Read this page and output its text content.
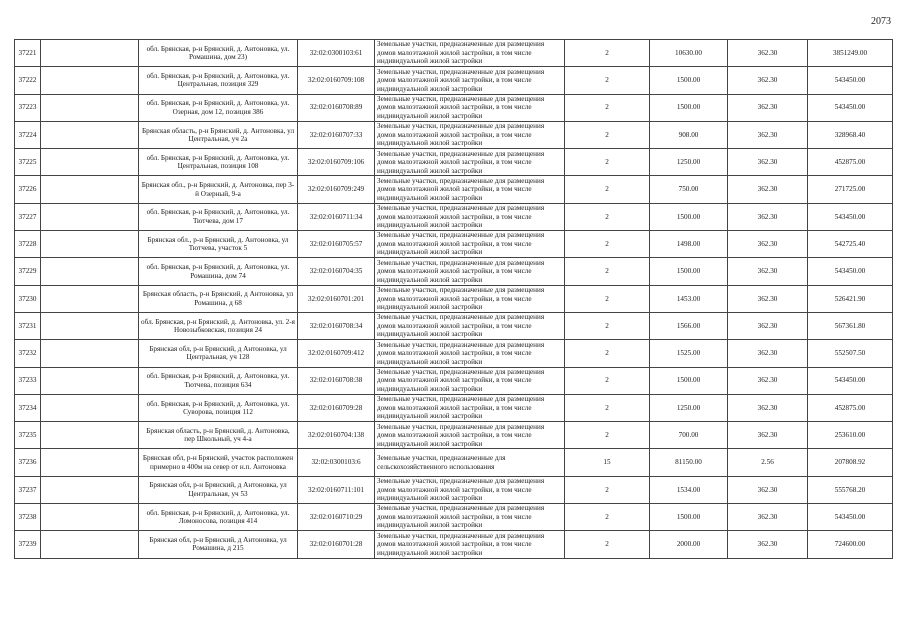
2073
37221		обл. Брянская, р-н Брянский, д. Антоновка, ул. Ромашина, дом 23)	32:02:0300103:61	Земельные участки, предназначенные для размещения домов малоэтажной жилой застройки, в том числе индивидуальной жилой застройки	2	10630.00	362.30	3851249.00
37222		обл. Брянская, р-н Брянский, д. Антоновка, ул. Центральная, позиция 329	32:02:0160709:108	Земельные участки, предназначенные для размещения домов малоэтажной жилой застройки, в том числе индивидуальной жилой застройки	2	1500.00	362.30	543450.00
37223		обл. Брянская, р-н Брянский, д. Антоновка, ул. Озерная, дом 12, позиция 386	32:02:0160708:89	Земельные участки, предназначенные для размещения домов малоэтажной жилой застройки, в том числе индивидуальной жилой застройки	2	1500.00	362.30	543450.00
37224		Брянская область, р-н Брянский, д. Антоновка, ул Центральная, уч 2а	32:02:0160707:33	Земельные участки, предназначенные для размещения домов малоэтажной жилой застройки, в том числе индивидуальной жилой застройки	2	908.00	362.30	328968.40
37225		обл. Брянская, р-н Брянский, д. Антоновка, ул. Центральная, позиция 108	32:02:0160709:106	Земельные участки, предназначенные для размещения домов малоэтажной жилой застройки, в том числе индивидуальной жилой застройки	2	1250.00	362.30	452875.00
37226		Брянская обл., р-н Брянский, д. Антоновка, пер 3-й Озерный, 9-а	32:02:0160709:249	Земельные участки, предназначенные для размещения домов малоэтажной жилой застройки, в том числе индивидуальной жилой застройки	2	750.00	362.30	271725.00
37227		обл. Брянская, р-н Брянский, д. Антоновка, ул. Тютчева, дом 17	32:02:0160711:34	Земельные участки, предназначенные для размещения домов малоэтажной жилой застройки, в том числе индивидуальной жилой застройки	2	1500.00	362.30	543450.00
37228		Брянская обл., р-н Брянский, д. Антоновка, ул Тютчева, участок 5	32:02:0160705:57	Земельные участки, предназначенные для размещения домов малоэтажной жилой застройки, в том числе индивидуальной жилой застройки	2	1498.00	362.30	542725.40
37229		обл. Брянская, р-н Брянский, д. Антоновка, ул. Ромашина, дом 74	32:02:0160704:35	Земельные участки, предназначенные для размещения домов малоэтажной жилой застройки, в том числе индивидуальной жилой застройки	2	1500.00	362.30	543450.00
37230		Брянская область, р-н Брянский, д Антоновка, ул Ромашина, д 68	32:02:0160701:201	Земельные участки, предназначенные для размещения домов малоэтажной жилой застройки, в том числе индивидуальной жилой застройки	2	1453.00	362.30	526421.90
37231		обл. Брянская, р-н Брянский, д. Антоновка, ул. 2-я Новозыбковская, позиция 24	32:02:0160708:34	Земельные участки, предназначенные для размещения домов малоэтажной жилой застройки, в том числе индивидуальной жилой застройки	2	1566.00	362.30	567361.80
37232		Брянская обл, р-н Брянский, д Антоновка, ул Центральная, уч 128	32:02:0160709:412	Земельные участки, предназначенные для размещения домов малоэтажной жилой застройки, в том числе индивидуальной жилой застройки	2	1525.00	362.30	552507.50
37233		обл. Брянская, р-н Брянский, д. Антоновка, ул. Тютчева, позиция 634	32:02:0160708:38	Земельные участки, предназначенные для размещения домов малоэтажной жилой застройки, в том числе индивидуальной жилой застройки	2	1500.00	362.30	543450.00
37234		обл. Брянская, р-н Брянский, д. Антоновка, ул. Суворова, позиция 112	32:02:0160709:28	Земельные участки, предназначенные для размещения домов малоэтажной жилой застройки, в том числе индивидуальной жилой застройки	2	1250.00	362.30	452875.00
37235		Брянская область, р-н Брянский, д. Антоновка, пер Школьный, уч 4-а	32:02:0160704:138	Земельные участки, предназначенные для размещения домов малоэтажной жилой застройки, в том числе индивидуальной жилой застройки	2	700.00	362.30	253610.00
37236		Брянская обл, р-н Брянский, участок расположен примерно в 400м на север от н.п. Антоновка	32:02:0300103:6	Земельные участки, предназначенные для сельскохозяйственного использования	15	81150.00	2.56	207808.92
37237		Брянская обл, р-н Брянский, д Антоновка, ул Центральная, уч 53	32:02:0160711:101	Земельные участки, предназначенные для размещения домов малоэтажной жилой застройки, в том числе индивидуальной жилой застройки	2	1534.00	362.30	555768.20
37238		обл. Брянская, р-н Брянский, д. Антоновка, ул. Ломоносова, позиция 414	32:02:0160710:29	Земельные участки, предназначенные для размещения домов малоэтажной жилой застройки, в том числе индивидуальной жилой застройки	2	1500.00	362.30	543450.00
37239		Брянская обл, р-н Брянский, д Антоновка, ул Ромашина, д 215	32:02:0160701:28	Земельные участки, предназначенные для размещения домов малоэтажной жилой застройки, в том числе индивидуальной жилой застройки	2	2000.00	362.30	724600.00
